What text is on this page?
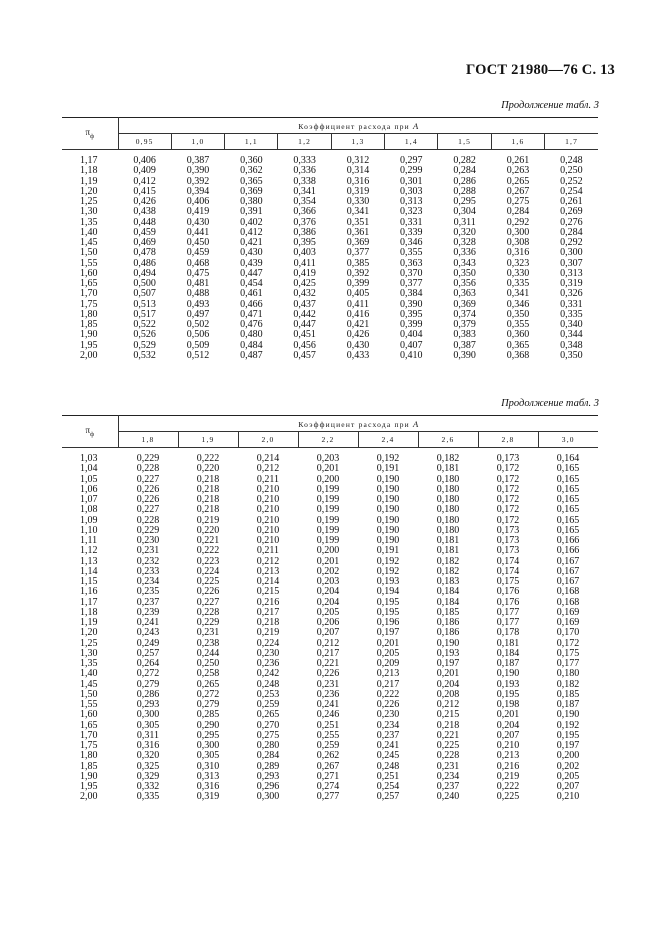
ГОСТ 21980—76 С. 13
Продолжение табл. 3
$\pi_ф$	Коэффициент расхода при A								
	0,95	1,0	1,1	1,2	1,3	1,4	1,5	1,6	1,7
1,17	0,406	0,387	0,360	0,333	0,312	0,297	0,282	0,261	0,248
1,18	0,409	0,390	0,362	0,336	0,314	0,299	0,284	0,263	0,250
1,19	0,412	0,392	0,365	0,338	0,316	0,301	0,286	0,265	0,252
1,20	0,415	0,394	0,369	0,341	0,319	0,303	0,288	0,267	0,254
1,25	0,426	0,406	0,380	0,354	0,330	0,313	0,295	0,275	0,261
1,30	0,438	0,419	0,391	0,366	0,341	0,323	0,304	0,284	0,269
1,35	0,448	0,430	0,402	0,376	0,351	0,331	0,311	0,292	0,276
1,40	0,459	0,441	0,412	0,386	0,361	0,339	0,320	0,300	0,284
1,45	0,469	0,450	0,421	0,395	0,369	0,346	0,328	0,308	0,292
1,50	0,478	0,459	0,430	0,403	0,377	0,355	0,336	0,316	0,300
1,55	0,486	0,468	0,439	0,411	0,385	0,363	0,343	0,323	0,307
1,60	0,494	0,475	0,447	0,419	0,392	0,370	0,350	0,330	0,313
1,65	0,500	0,481	0,454	0,425	0,399	0,377	0,356	0,335	0,319
1,70	0,507	0,488	0,461	0,432	0,405	0,384	0,363	0,341	0,326
1,75	0,513	0,493	0,466	0,437	0,411	0,390	0,369	0,346	0,331
1,80	0,517	0,497	0,471	0,442	0,416	0,395	0,374	0,350	0,335
1,85	0,522	0,502	0,476	0,447	0,421	0,399	0,379	0,355	0,340
1,90	0,526	0,506	0,480	0,451	0,426	0,404	0,383	0,360	0,344
1,95	0,529	0,509	0,484	0,456	0,430	0,407	0,387	0,365	0,348
2,00	0,532	0,512	0,487	0,457	0,433	0,410	0,390	0,368	0,350
Продолжение табл. 3
$\pi_ф$	Коэффициент расхода при A							
	1,8	1,9	2,0	2,2	2,4	2,6	2,8	3,0
1,03	0,229	0,222	0,214	0,203	0,192	0,182	0,173	0,164
1,04	0,228	0,220	0,212	0,201	0,191	0,181	0,172	0,165
1,05	0,227	0,218	0,211	0,200	0,190	0,180	0,172	0,165
1,06	0,226	0,218	0,210	0,199	0,190	0,180	0,172	0,165
1,07	0,226	0,218	0,210	0,199	0,190	0,180	0,172	0,165
1,08	0,227	0,218	0,210	0,199	0,190	0,180	0,172	0,165
1,09	0,228	0,219	0,210	0,199	0,190	0,180	0,172	0,165
1,10	0,229	0,220	0,210	0,199	0,190	0,180	0,173	0,165
1,11	0,230	0,221	0,210	0,199	0,190	0,181	0,173	0,166
1,12	0,231	0,222	0,211	0,200	0,191	0,181	0,173	0,166
1,13	0,232	0,223	0,212	0,201	0,192	0,182	0,174	0,167
1,14	0,233	0,224	0,213	0,202	0,192	0,182	0,174	0,167
1,15	0,234	0,225	0,214	0,203	0,193	0,183	0,175	0,167
1,16	0,235	0,226	0,215	0,204	0,194	0,184	0,176	0,168
1,17	0,237	0,227	0,216	0,204	0,195	0,184	0,176	0,168
1,18	0,239	0,228	0,217	0,205	0,195	0,185	0,177	0,169
1,19	0,241	0,229	0,218	0,206	0,196	0,186	0,177	0,169
1,20	0,243	0,231	0,219	0,207	0,197	0,186	0,178	0,170
1,25	0,249	0,238	0,224	0,212	0,201	0,190	0,181	0,172
1,30	0,257	0,244	0,230	0,217	0,205	0,193	0,184	0,175
1,35	0,264	0,250	0,236	0,221	0,209	0,197	0,187	0,177
1,40	0,272	0,258	0,242	0,226	0,213	0,201	0,190	0,180
1,45	0,279	0,265	0,248	0,231	0,217	0,204	0,193	0,182
1,50	0,286	0,272	0,253	0,236	0,222	0,208	0,195	0,185
1,55	0,293	0,279	0,259	0,241	0,226	0,212	0,198	0,187
1,60	0,300	0,285	0,265	0,246	0,230	0,215	0,201	0,190
1,65	0,305	0,290	0,270	0,251	0,234	0,218	0,204	0,192
1,70	0,311	0,295	0,275	0,255	0,237	0,221	0,207	0,195
1,75	0,316	0,300	0,280	0,259	0,241	0,225	0,210	0,197
1,80	0,320	0,305	0,284	0,262	0,245	0,228	0,213	0,200
1,85	0,325	0,310	0,289	0,267	0,248	0,231	0,216	0,202
1,90	0,329	0,313	0,293	0,271	0,251	0,234	0,219	0,205
1,95	0,332	0,316	0,296	0,274	0,254	0,237	0,222	0,207
2,00	0,335	0,319	0,300	0,277	0,257	0,240	0,225	0,210
